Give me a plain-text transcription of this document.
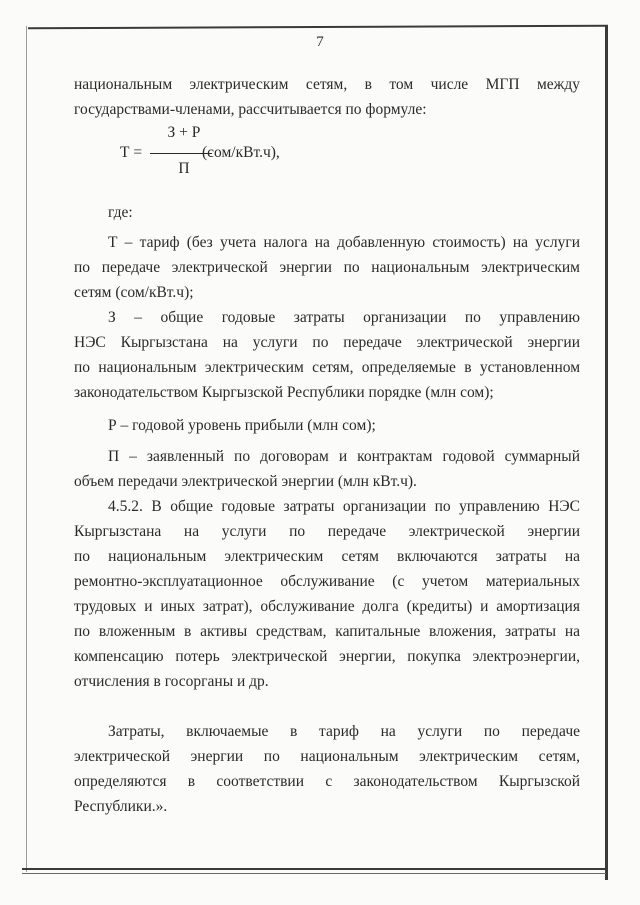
7
национальным электрическим сетям, в том числе МГП между
государствами-членами, рассчитывается по формуле:
Т =
З + Р
П
(сом/кВт.ч),
где:
Т – тариф (без учета налога на добавленную стоимость) на услуги
по передаче электрической энергии по национальным электрическим
сетям (сом/кВт.ч);
З – общие годовые затраты организации по управлению
НЭС Кыргызстана на услуги по передаче электрической энергии
по национальным электрическим сетям, определяемые в установленном
законодательством Кыргызской Республики порядке (млн сом);
Р – годовой уровень прибыли (млн сом);
П – заявленный по договорам и контрактам годовой суммарный
объем передачи электрической энергии (млн кВт.ч).
4.5.2. В общие годовые затраты организации по управлению НЭС
Кыргызстана на услуги по передаче электрической энергии
по национальным электрическим сетям включаются затраты на
ремонтно-эксплуатационное обслуживание (с учетом материальных
трудовых и иных затрат), обслуживание долга (кредиты) и амортизация
по вложенным в активы средствам, капитальные вложения, затраты на
компенсацию потерь электрической энергии, покупка электроэнергии,
отчисления в госорганы и др.
Затраты, включаемые в тариф на услуги по передаче
электрической энергии по национальным электрическим сетям,
определяются в соответствии с законодательством Кыргызской
Республики.».
